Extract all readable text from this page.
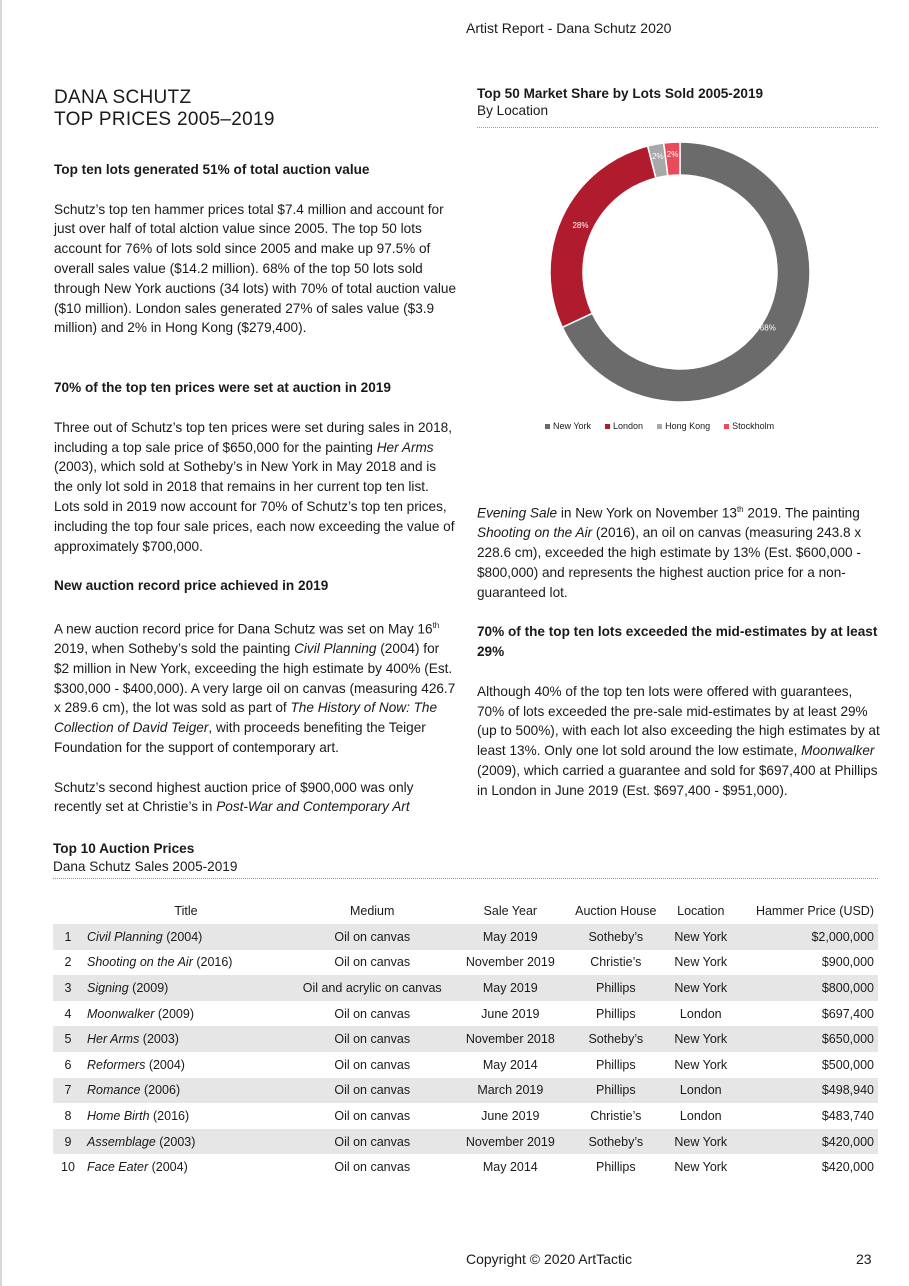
Artist Report - Dana Schutz 2020
DANA SCHUTZ
TOP PRICES 2005–2019

Top ten lots generated 51% of total auction value

Schutz’s top ten hammer prices total $7.4 million and account for just over half of total alction value since 2005. The top 50 lots account for 76% of lots sold since 2005 and make up 97.5% of overall sales value ($14.2 million). 68% of the top 50 lots sold through New York auctions (34 lots) with 70% of total auction value ($10 million). London sales generated 27% of sales value ($3.9 million) and 2% in Hong Kong ($279,400).

70% of the top ten prices were set at auction in 2019

Three out of Schutz’s top ten prices were set during sales in 2018, including a top sale price of $650,000 for the painting Her Arms (2003), which sold at Sotheby’s in New York in May 2018 and is the only lot sold in 2018 that remains in her current top ten list. Lots sold in 2019 now account for 70% of Schutz’s top ten prices, including the top four sale prices, each now exceeding the value of approximately $700,000.

New auction record price achieved in 2019

A new auction record price for Dana Schutz was set on May 16th 2019, when Sotheby’s sold the painting Civil Planning (2004) for $2 million in New York, exceeding the high estimate by 400% (Est. $300,000 - $400,000). A very large oil on canvas (measuring 426.7 x 289.6 cm), the lot was sold as part of The History of Now: The Collection of David Teiger, with proceeds benefiting the Teiger Foundation for the support of contemporary art.

Schutz’s second highest auction price of $900,000 was only recently set at Christie’s in Post-War and Contemporary Art

Top 50 Market Share by Lots Sold 2005-2019
By Location
68%
28%
2% 2%
New York	London	Hong Kong	Stockholm

Evening Sale in New York on November 13th 2019. The painting Shooting on the Air (2016), an oil on canvas (measuring 243.8 x 228.6 cm), exceeded the high estimate by 13% (Est. $600,000 - $800,000) and represents the highest auction price for a non-guaranteed lot.

70% of the top ten lots exceeded the mid-estimates by at least 29%

Although 40% of the top ten lots were offered with guarantees, 70% of lots exceeded the pre-sale mid-estimates by at least 29% (up to 500%), with each lot also exceeding the high estimates by at least 13%. Only one lot sold around the low estimate, Moonwalker (2009), which carried a guarantee and sold for $697,400 at Phillips in London in June 2019 (Est. $697,400 - $951,000).

Top 10 Auction Prices
Dana Schutz Sales 2005-2019
	Title	Medium	Sale Year	Auction House	Location	Hammer Price (USD)
1	Civil Planning (2004)	Oil on canvas	May 2019	Sotheby’s	New York	$2,000,000
2	Shooting on the Air (2016)	Oil on canvas	November 2019	Christie’s	New York	$900,000
3	Signing (2009)	Oil and acrylic on canvas	May 2019	Phillips	New York	$800,000
4	Moonwalker (2009)	Oil on canvas	June 2019	Phillips	London	$697,400
5	Her Arms (2003)	Oil on canvas	November 2018	Sotheby’s	New York	$650,000
6	Reformers (2004)	Oil on canvas	May 2014	Phillips	New York	$500,000
7	Romance (2006)	Oil on canvas	March 2019	Phillips	London	$498,940
8	Home Birth (2016)	Oil on canvas	June 2019	Christie’s	London	$483,740
9	Assemblage (2003)	Oil on canvas	November 2019	Sotheby’s	New York	$420,000
10	Face Eater (2004)	Oil on canvas	May 2014	Phillips	New York	$420,000
Copyright © 2020 ArtTactic	23
